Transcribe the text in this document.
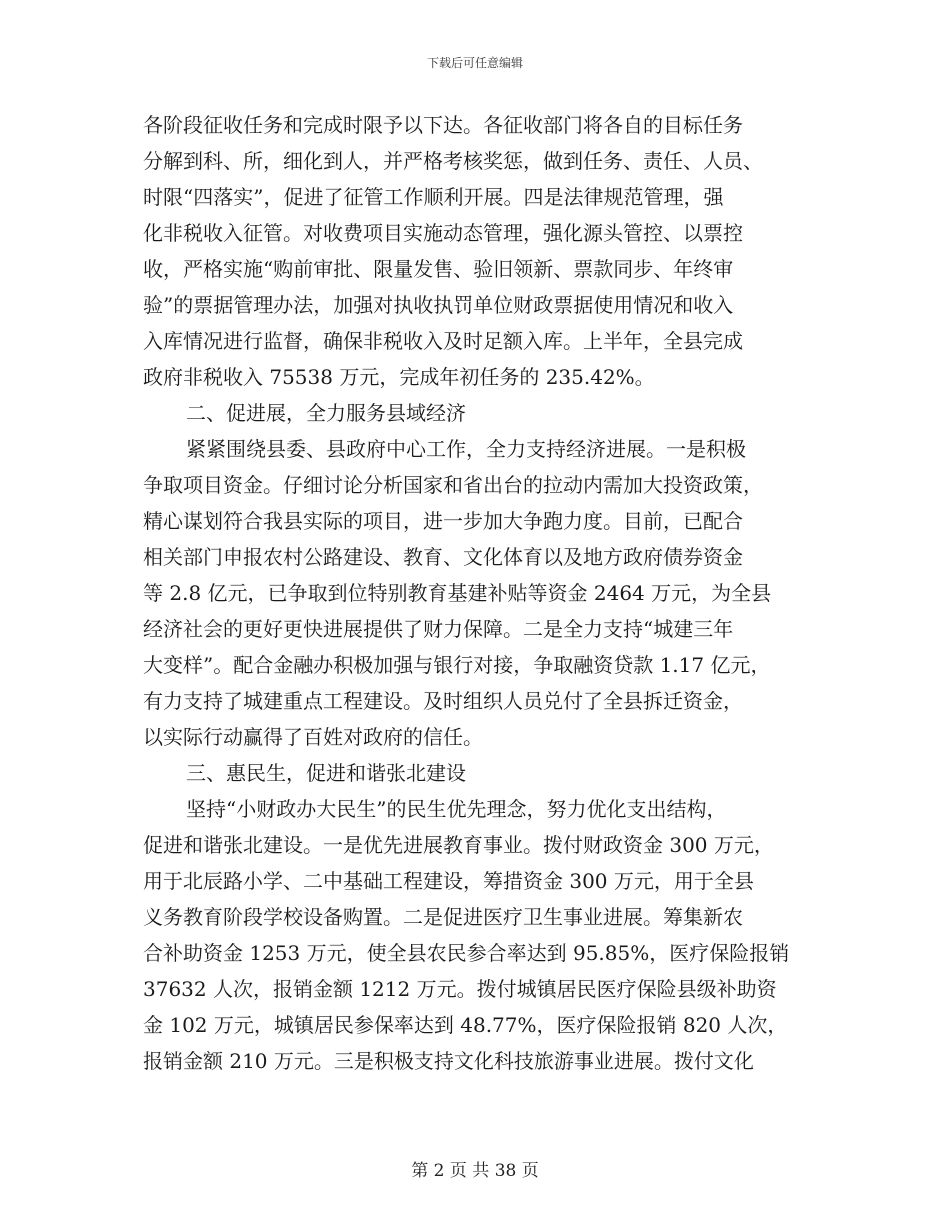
下载后可任意编辑
各阶段征收任务和完成时限予以下达。各征收部门将各自的目标任务
分解到科、所，细化到人，并严格考核奖惩，做到任务、责任、人员、
时限“四落实”，促进了征管工作顺利开展。四是法律规范管理，强
化非税收入征管。对收费项目实施动态管理，强化源头管控、以票控
收，严格实施“购前审批、限量发售、验旧领新、票款同步、年终审
验”的票据管理办法，加强对执收执罚单位财政票据使用情况和收入
入库情况进行监督，确保非税收入及时足额入库。上半年，全县完成
政府非税收入 75538 万元，完成年初任务的 235.42%。
二、促进展，全力服务县域经济
紧紧围绕县委、县政府中心工作，全力支持经济进展。一是积极
争取项目资金。仔细讨论分析国家和省出台的拉动内需加大投资政策，
精心谋划符合我县实际的项目，进一步加大争跑力度。目前，已配合
相关部门申报农村公路建设、教育、文化体育以及地方政府债券资金
等 2.8 亿元，已争取到位特别教育基建补贴等资金 2464 万元，为全县
经济社会的更好更快进展提供了财力保障。二是全力支持“城建三年
大变样”。配合金融办积极加强与银行对接，争取融资贷款 1.17 亿元，
有力支持了城建重点工程建设。及时组织人员兑付了全县拆迁资金，
以实际行动赢得了百姓对政府的信任。
三、惠民生，促进和谐张北建设
坚持“小财政办大民生”的民生优先理念，努力优化支出结构，
促进和谐张北建设。一是优先进展教育事业。拨付财政资金 300 万元，
用于北辰路小学、二中基础工程建设，筹措资金 300 万元，用于全县
义务教育阶段学校设备购置。二是促进医疗卫生事业进展。筹集新农
合补助资金 1253 万元，使全县农民参合率达到 95.85%，医疗保险报销
37632 人次，报销金额 1212 万元。拨付城镇居民医疗保险县级补助资
金 102 万元，城镇居民参保率达到 48.77%，医疗保险报销 820 人次，
报销金额 210 万元。三是积极支持文化科技旅游事业进展。拨付文化
第 2 页 共 38 页
